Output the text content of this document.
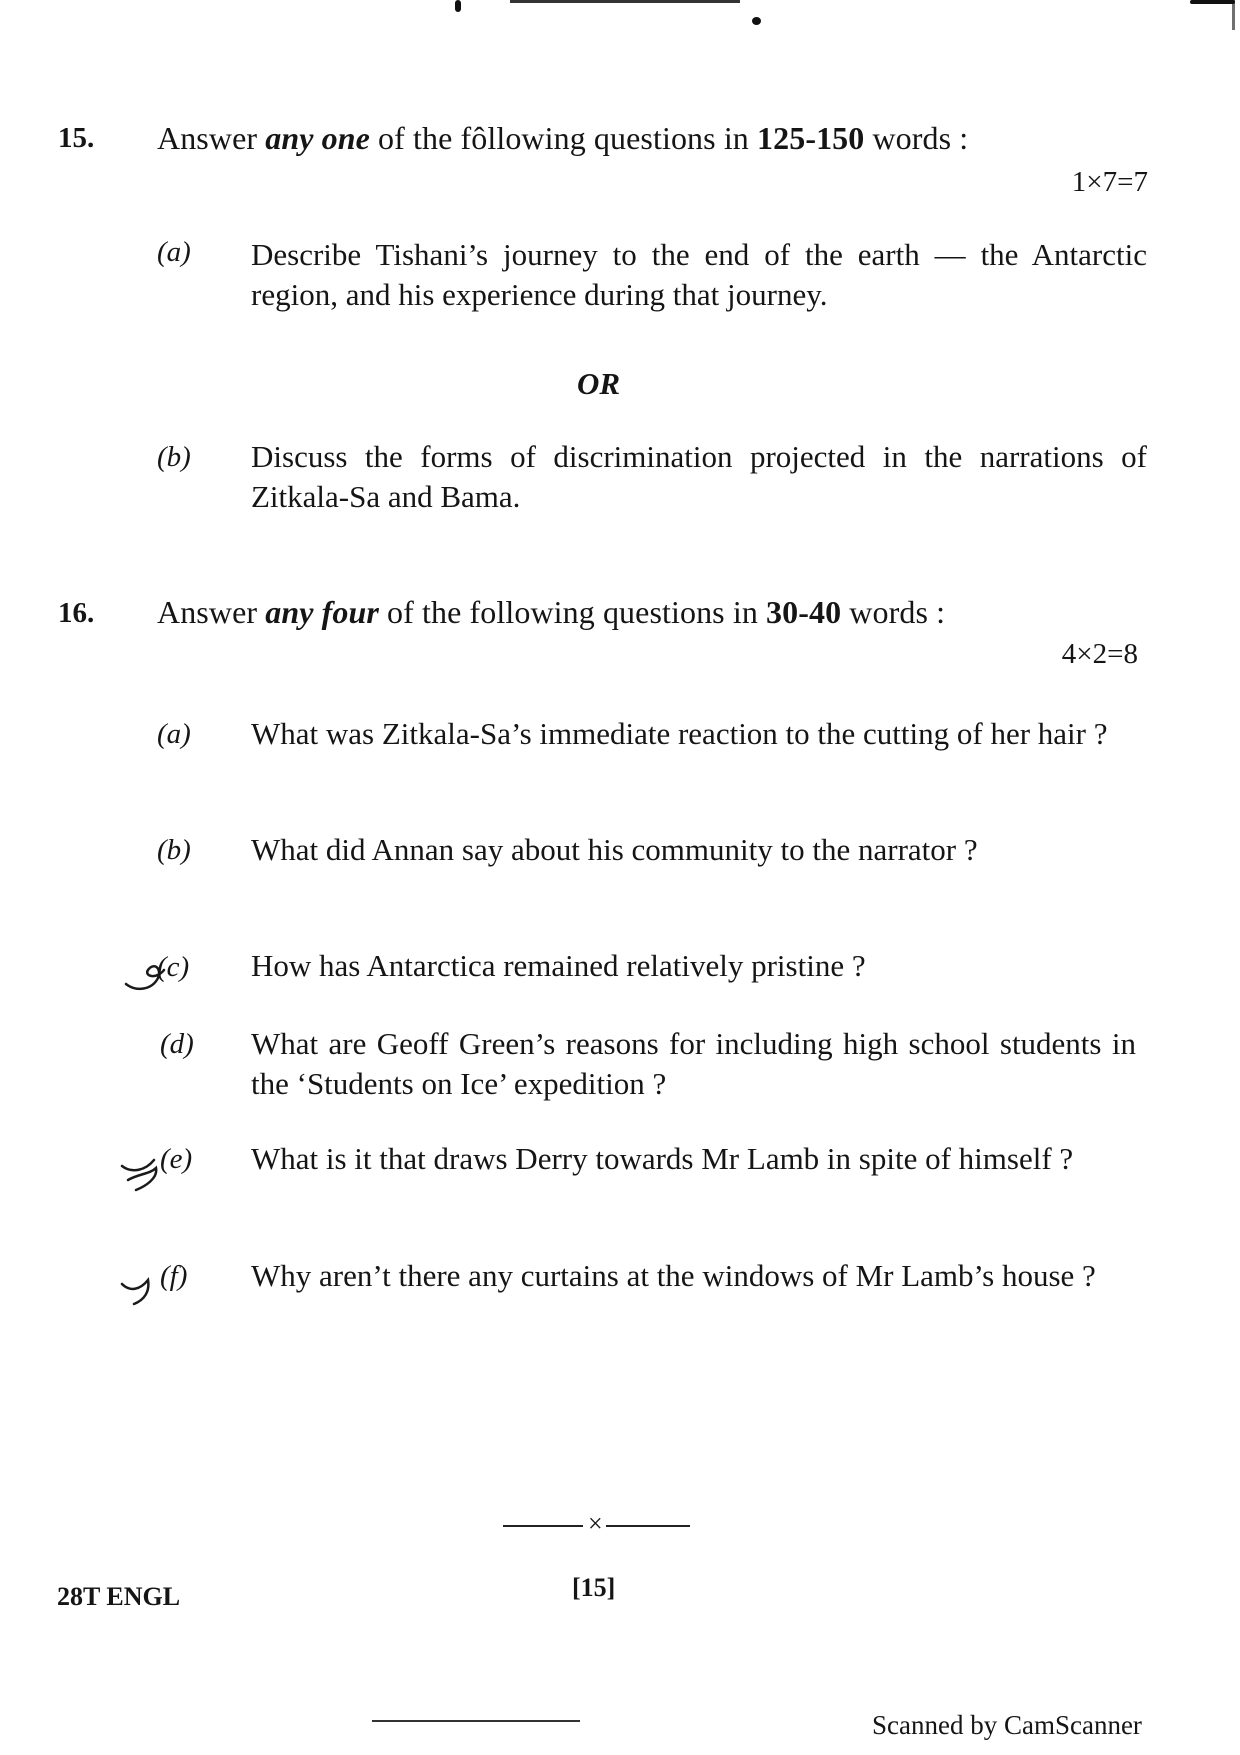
15. Answer any one of the fôllowing questions in 125-150 words :
1×7=7
(a) Describe Tishani’s journey to the end of the earth — the Antarctic region, and his experience during that journey.
OR
(b) Discuss the forms of discrimination projected in the narrations of Zitkala-Sa and Bama.
16. Answer any four of the following questions in 30-40 words :
4×2=8
(a) What was Zitkala-Sa’s immediate reaction to the cutting of her hair ?
(b) What did Annan say about his community to the narrator ?
(c) How has Antarctica remained relatively pristine ?
(d) What are Geoff Green’s reasons for including high school students in the ‘Students on Ice’ expedition ?
(e) What is it that draws Derry towards Mr Lamb in spite of himself ?
(f) Why aren’t there any curtains at the windows of Mr Lamb’s house ?
×
28T ENGL	[15]
Scanned by CamScanner
